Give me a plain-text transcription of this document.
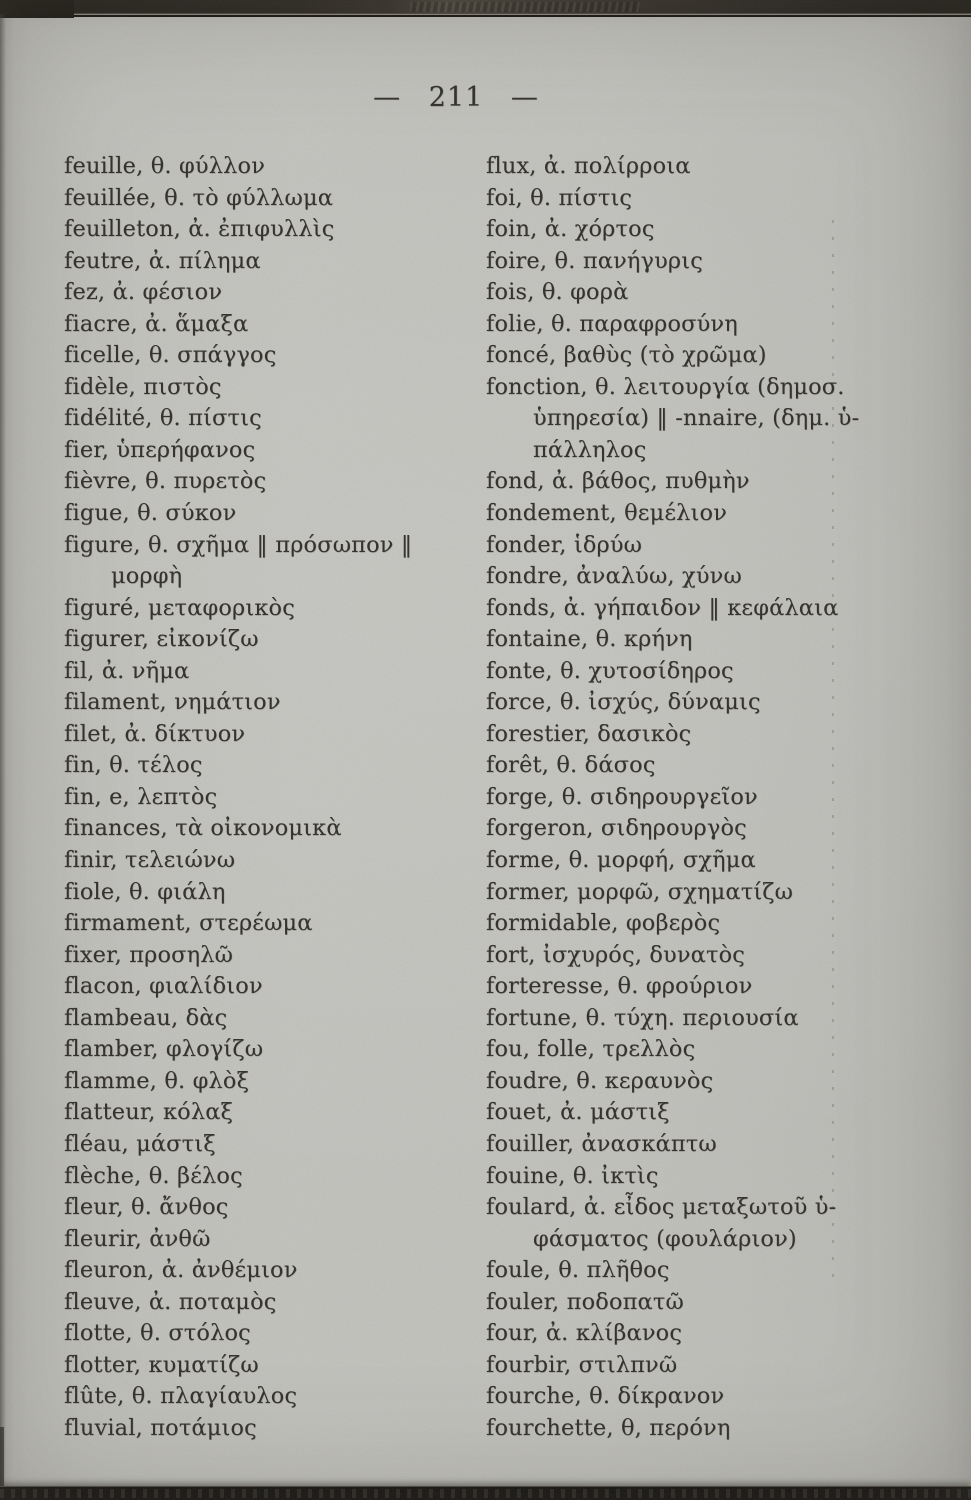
— 211 —
feuille, θ. φύλλον
feuillée, θ. τὸ φύλλωμα
feuilleton, ἀ. ἐπιφυλλὶς
feutre, ἀ. πίλημα
fez, ἀ. φέσιον
fiacre, ἀ. ἅμαξα
ficelle, θ. σπάγγος
fidèle, πιστὸς
fidélité, θ. πίστις
fier, ὑπερήφανος
fièvre, θ. πυρετὸς
figue, θ. σύκον
figure, θ. σχῆμα ‖ πρόσωπον ‖
μορφὴ
figuré, μεταφορικὸς
figurer, εἰκονίζω
fil, ἀ. νῆμα
filament, νημάτιον
filet, ἀ. δίκτυον
fin, θ. τέλος
fin, e, λεπτὸς
finances, τὰ οἰκονομικὰ
finir, τελειώνω
fiole, θ. φιάλη
firmament, στερέωμα
fixer, προσηλῶ
flacon, φιαλίδιον
flambeau, δὰς
flamber, φλογίζω
flamme, θ. φλὸξ
flatteur, κόλαξ
fléau, μάστιξ
flèche, θ. βέλος
fleur, θ. ἄνθος
fleurir, ἀνθῶ
fleuron, ἀ. ἀνθέμιον
fleuve, ἀ. ποταμὸς
flotte, θ. στόλος
flotter, κυματίζω
flûte, θ. πλαγίαυλος
fluvial, ποτάμιος
flux, ἀ. πολίρροια
foi, θ. πίστις
foin, ἀ. χόρτος
foire, θ. πανήγυρις
fois, θ. φορὰ
folie, θ. παραφροσύνη
foncé, βαθὺς (τὸ χρῶμα)
fonction, θ. λειτουργία (δημοσ.
ὑπηρεσία) ‖ -nnaire, (δημ. ὑ-
πάλληλος
fond, ἀ. βάθος, πυθμὴν
fondement, θεμέλιον
fonder, ἱδρύω
fondre, ἀναλύω, χύνω
fonds, ἀ. γήπαιδον ‖ κεφάλαια
fontaine, θ. κρήνη
fonte, θ. χυτοσίδηρος
force, θ. ἰσχύς, δύναμις
forestier, δασικὸς
forêt, θ. δάσος
forge, θ. σιδηρουργεῖον
forgeron, σιδηρουργὸς
forme, θ. μορφή, σχῆμα
former, μορφῶ, σχηματίζω
formidable, φοβερὸς
fort, ἰσχυρός, δυνατὸς
forteresse, θ. φρούριον
fortune, θ. τύχη. περιουσία
fou, folle, τρελλὸς
foudre, θ. κεραυνὸς
fouet, ἀ. μάστιξ
fouiller, ἀνασκάπτω
fouine, θ. ἰκτὶς
foulard, ἀ. εἶδος μεταξωτοῦ ὑ-
φάσματος (φουλάριον)
foule, θ. πλῆθος
fouler, ποδοπατῶ
four, ἀ. κλίβανος
fourbir, στιλπνῶ
fourche, θ. δίκρανον
fourchette, θ, περόνη
